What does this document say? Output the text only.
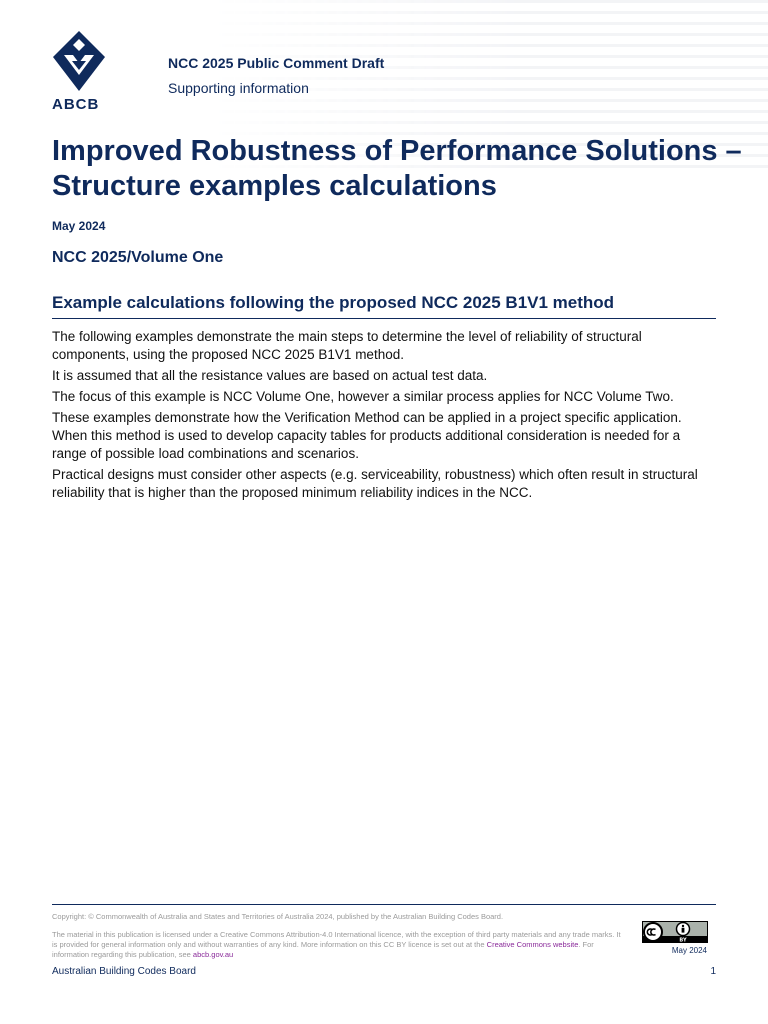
ABCB
NCC 2025 Public Comment Draft
Supporting information
Improved Robustness of Performance Solutions – Structure examples calculations
May 2024
NCC 2025/Volume One
Example calculations following the proposed NCC 2025 B1V1 method

The following examples demonstrate the main steps to determine the level of reliability of structural components, using the proposed NCC 2025 B1V1 method.

It is assumed that all the resistance values are based on actual test data.

The focus of this example is NCC Volume One, however a similar process applies for NCC Volume Two.

These examples demonstrate how the Verification Method can be applied in a project specific application. When this method is used to develop capacity tables for products additional consideration is needed for a range of possible load combinations and scenarios.

Practical designs must consider other aspects (e.g. serviceability, robustness) which often result in structural reliability that is higher than the proposed minimum reliability indices in the NCC.

Copyright: © Commonwealth of Australia and States and Territories of Australia 2024, published by the Australian Building Codes Board.
The material in this publication is licensed under a Creative Commons Attribution-4.0 International licence, with the exception of third party materials and any trade marks. It is provided for general information only and without warranties of any kind. More information on this CC BY licence is set out at the Creative Commons website. For information regarding this publication, see abcb.gov.au
BY
May 2024
Australian Building Codes Board	1
